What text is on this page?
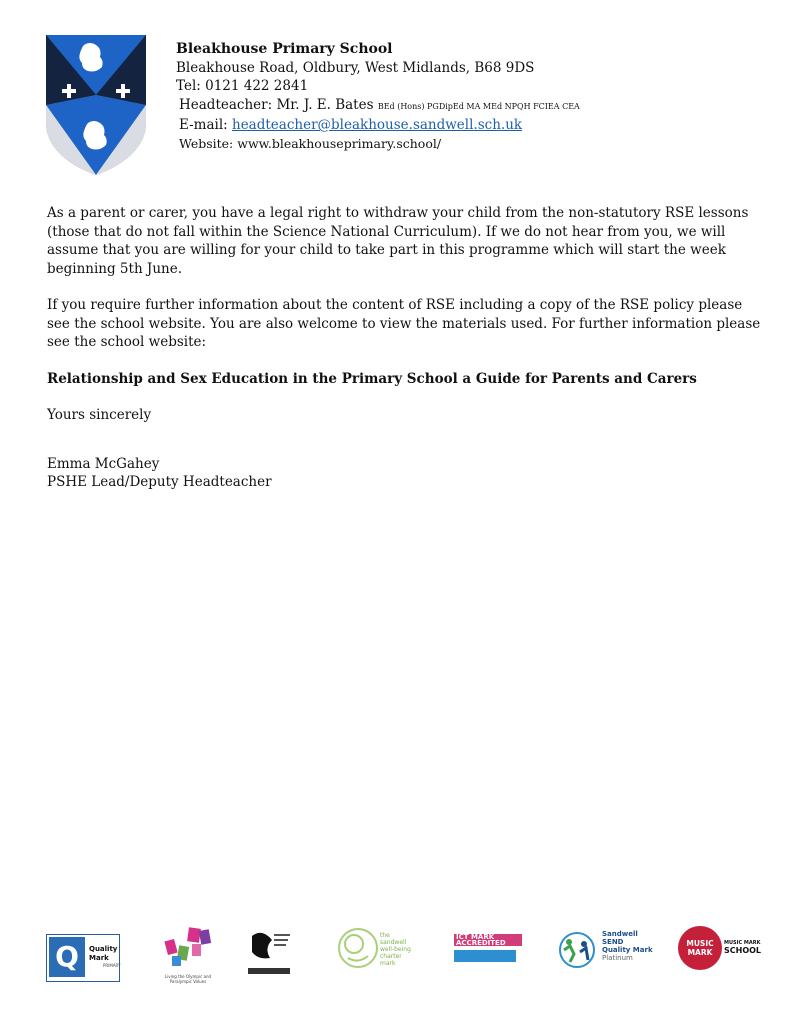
Bleakhouse Primary School
Bleakhouse Road, Oldbury, West Midlands, B68 9DS
Tel: 0121 422 2841
Headteacher: Mr. J. E. Bates BEd (Hons) PGDipEd MA MEd NPQH FCIEA CEA
E-mail: headteacher@bleakhouse.sandwell.sch.uk
Website: www.bleakhouseprimary.school/

As a parent or carer, you have a legal right to withdraw your child from the non-statutory RSE lessons (those that do not fall within the Science National Curriculum). If we do not hear from you, we will assume that you are willing for your child to take part in this programme which will start the week beginning 5th June.

If you require further information about the content of RSE including a copy of the RSE policy please see the school website. You are also welcome to view the materials used. For further information please see the school website:

Relationship and Sex Education in the Primary School a Guide for Parents and Carers

Yours sincerely

Emma McGahey
PSHE Lead/Deputy Headteacher
Q	Quality Mark
PRIMARY
Living the Olympic and Paralympic Values
the sandwell well-being charter mark
ICT MARK ACCREDITED
Sandwell
SEND
Quality Mark
Platinum
MUSIC
MARK
MUSIC MARK
SCHOOL
